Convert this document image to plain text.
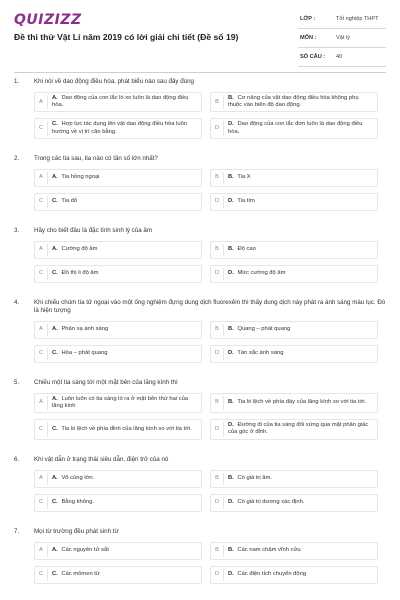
QUIZIZZ
Đề thi thử Vật Lí năm 2019 có lời giải chi tiết (Đề số 19)
LỚP :	Tốt nghiệp THPT
MÔN :	Vật lý
SỐ CÂU : 40
1. Khi nói về dao động điều hòa, phát biểu nào sau đây đúng
A
A. Dao động của con lắc lò xo luôn là dao động điều hòa.
B
B. Cơ năng của vật dao động điều hòa không phụ thuộc vào biên độ dao động.
C
C. Hợp lực tác dụng lên vật dao động điều hòa luôn hướng về vị trí cân bằng.
D
D. Dao động của con lắc đơn luôn là dao động điều hòa.
2. Trong các tia sau, tia nào có tần số lớn nhất?
A	A. Tia hồng ngoại	B	B. Tia X
C	C. Tia đỏ	D	D. Tia tím
3. Hãy cho biết đâu là đặc tính sinh lý của âm
A	A. Cường độ âm	B	B. Độ cao
C	C. Đồ thị li độ âm	D	D. Mức cường độ âm
4. Khi chiếu chùm tia tử ngoại vào một ống nghiệm đựng dung dịch fluorexêin thì thấy dung dịch này phát ra ánh sáng màu lục. Đó là hiện tượng
A	A. Phản xạ ánh sáng	B	B. Quang – phát quang
C	C. Hóa – phát quang	D	D. Tán sắc ánh sáng
5. Chiếu một tia sáng tới một mặt bên của lăng kính thì
A
A. Luôn luôn có tia sáng ló ra ở mặt bên thứ hai của lăng kính
B	B. Tia ló lệch về phía đáy của lăng kính so với tia tới.
C	C. Tia ló lệch về phía đỉnh của lăng kính so với tia tới.	D
D. Đường đi của tia sáng đối xứng qua mặt phân giác của góc ở đỉnh.
6. Khi vật dẫn ở trạng thái siêu dẫn, điện trở của nó
A	A. Vô cùng lớn.	B	B. Có giá trị âm.
C	C. Bằng không.	D	D. Có giá trị dương xác định.
7. Mọi từ trường đều phát sinh từ
A	A. Các nguyên tử sắt	B	B. Các nam châm vĩnh cửu
C	C. Các mômen từ	D	D. Các điện tích chuyển động
